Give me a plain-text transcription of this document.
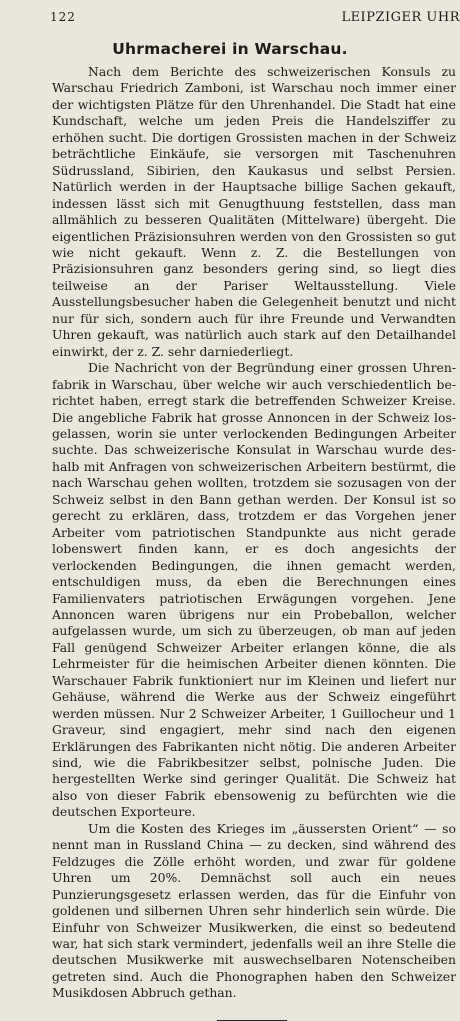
122	LEIPZIGER UHR
Uhrmacherei in Warschau.

Nach dem Berichte des schweizerischen Konsuls zu Warschau Friedrich Zamboni, ist Warschau noch immer einer der wichtigsten Plätze für den Uhrenhandel. Die Stadt hat eine Kundschaft, welche um jeden Preis die Handelsziffer zu erhöhen sucht. Die dortigen Grossisten machen in der Schweiz beträchtliche Einkäufe, sie versorgen mit Taschenuhren Südrussland, Sibirien, den Kaukasus und selbst Persien. Natürlich werden in der Hauptsache billige Sachen gekauft, indessen lässt sich mit Genugthuung feststellen, dass man allmählich zu besseren Qualitäten (Mittelware) übergeht. Die eigentlichen Präzisionsuhren werden von den Grossisten so gut wie nicht gekauft. Wenn z. Z. die Bestellungen von Präzisionsuhren ganz besonders gering sind, so liegt dies teilweise an der Pariser Weltausstellung. Viele Ausstellungsbesucher haben die Gelegenheit benutzt und nicht nur für sich, sondern auch für ihre Freunde und Verwandten Uhren gekauft, was natürlich auch stark auf den Detailhandel einwirkt, der z. Z. sehr darniederliegt.

Die Nachricht von der Begründung einer grossen Uhrenfabrik in Warschau, über welche wir auch verschiedentlich berichtet haben, erregt stark die betreffenden Schweizer Kreise. Die angebliche Fabrik hat grosse Annoncen in der Schweiz losgelassen, worin sie unter verlockenden Bedingungen Arbeiter suchte. Das schweizerische Konsulat in Warschau wurde deshalb mit Anfragen von schweizerischen Arbeitern bestürmt, die nach Warschau gehen wollten, trotzdem sie sozusagen von der Schweiz selbst in den Bann gethan werden. Der Konsul ist so gerecht zu erklären, dass, trotzdem er das Vorgehen jener Arbeiter vom patriotischen Standpunkte aus nicht gerade lobenswert finden kann, er es doch angesichts der verlockenden Bedingungen, die ihnen gemacht werden, entschuldigen muss, da eben die Berechnungen eines Familienvaters patriotischen Erwägungen vorgehen. Jene Annoncen waren übrigens nur ein Probeballon, welcher aufgelassen wurde, um sich zu überzeugen, ob man auf jeden Fall genügend Schweizer Arbeiter erlangen könne, die als Lehrmeister für die heimischen Arbeiter dienen könnten. Die Warschauer Fabrik funktioniert nur im Kleinen und liefert nur Gehäuse, während die Werke aus der Schweiz eingeführt werden müssen. Nur 2 Schweizer Arbeiter, 1 Guillocheur und 1 Graveur, sind engagiert, mehr sind nach den eigenen Erklärungen des Fabrikanten nicht nötig. Die anderen Arbeiter sind, wie die Fabrikbesitzer selbst, polnische Juden. Die hergestellten Werke sind geringer Qualität. Die Schweiz hat also von dieser Fabrik ebensowenig zu befürchten wie die deutschen Exporteure.

Um die Kosten des Krieges im „äussersten Orient“ — so nennt man in Russland China — zu decken, sind während des Feldzuges die Zölle erhöht worden, und zwar für goldene Uhren um 20%. Demnächst soll auch ein neues Punzierungsgesetz erlassen werden, das für die Einfuhr von goldenen und silbernen Uhren sehr hinderlich sein würde. Die Einfuhr von Schweizer Musikwerken, die einst so bedeutend war, hat sich stark vermindert, jedenfalls weil an ihre Stelle die deutschen Musikwerke mit auswechselbaren Notenscheiben getreten sind. Auch die Phonographen haben den Schweizer Musikdosen Abbruch gethan.
